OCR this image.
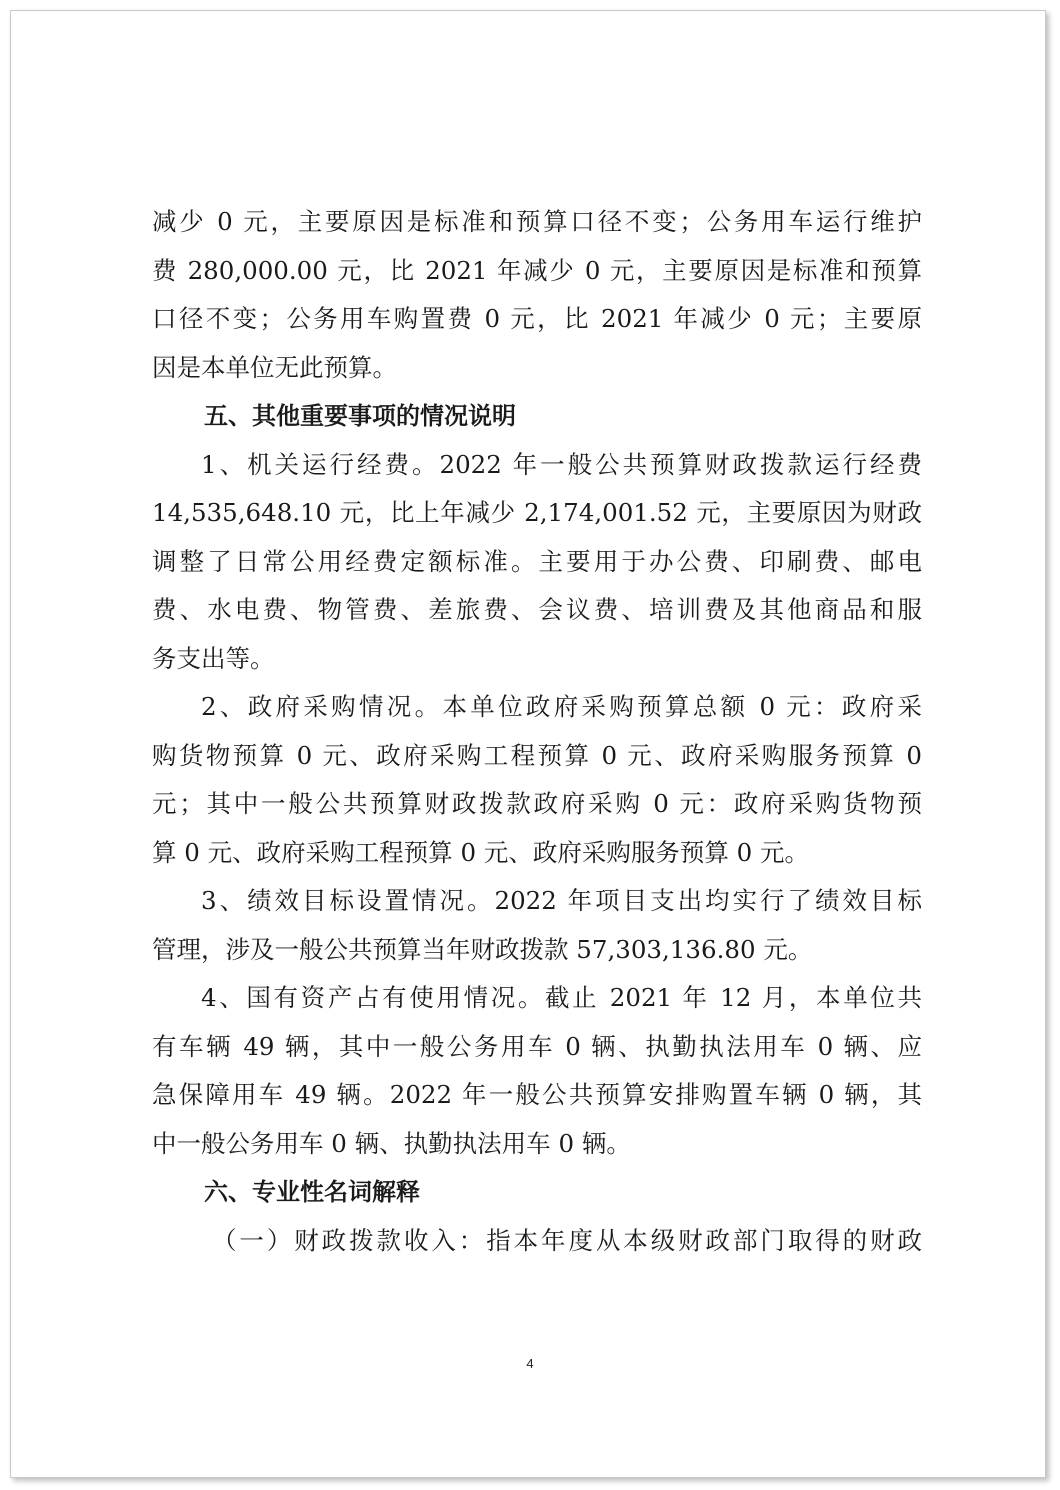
减少 0 元，主要原因是标准和预算口径不变；公务用车运行维护
费 280,000.00 元，比 2021 年减少 0 元，主要原因是标准和预算
口径不变；公务用车购置费 0 元，比 2021 年减少 0 元；主要原
因是本单位无此预算。
五、其他重要事项的情况说明
1、机关运行经费。2022 年一般公共预算财政拨款运行经费
14,535,648.10 元，比上年减少 2,174,001.52 元，主要原因为财政
调整了日常公用经费定额标准。主要用于办公费、印刷费、邮电
费、水电费、物管费、差旅费、会议费、培训费及其他商品和服
务支出等。
2、政府采购情况。本单位政府采购预算总额 0 元：政府采
购货物预算 0 元、政府采购工程预算 0 元、政府采购服务预算 0
元；其中一般公共预算财政拨款政府采购 0 元：政府采购货物预
算 0 元、政府采购工程预算 0 元、政府采购服务预算 0 元。
3、绩效目标设置情况。2022 年项目支出均实行了绩效目标
管理，涉及一般公共预算当年财政拨款 57,303,136.80 元。
4、国有资产占有使用情况。截止 2021 年 12 月，本单位共
有车辆 49 辆，其中一般公务用车 0 辆、执勤执法用车 0 辆、应
急保障用车 49 辆。2022 年一般公共预算安排购置车辆 0 辆，其
中一般公务用车 0 辆、执勤执法用车 0 辆。
六、专业性名词解释
（一）财政拨款收入：指本年度从本级财政部门取得的财政
4
